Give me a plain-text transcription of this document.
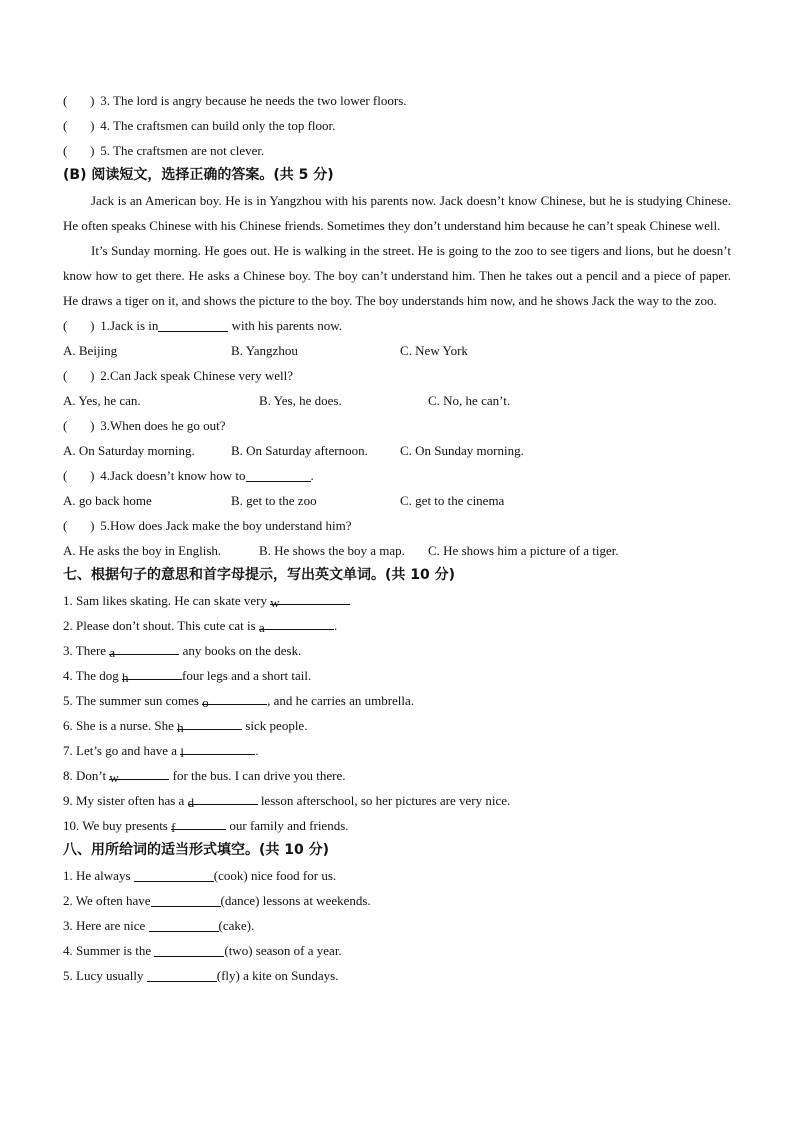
( ) 3. The lord is angry because he needs the two lower floors.
( ) 4. The craftsmen can build only the top floor.
( ) 5. The craftsmen are not clever.
(B) 阅读短文，选择正确的答案。(共 5 分)
Jack is an American boy. He is in Yangzhou with his parents now. Jack doesn’t know Chinese, but he is studying Chinese. He often speaks Chinese with his Chinese friends. Sometimes they don’t understand him because he can’t speak Chinese well.
It’s Sunday morning. He goes out. He is walking in the street. He is going to the zoo to see tigers and lions, but he doesn’t know how to get there. He asks a Chinese boy. The boy can’t understand him. Then he takes out a pencil and a piece of paper. He draws a tiger on it, and shows the picture to the boy. The boy understands him now, and he shows Jack the way to the zoo.
(       ) 1.Jack is in	with his parents now.
A. Beijing	B. Yangzhou	C. New York
(       ) 2.Can Jack speak Chinese very well?
A. Yes, he can.	B. Yes, he does.	C. No, he can’t.
(       ) 3.When does he go out?
A. On Saturday morning.	B. On Saturday afternoon. C. On Sunday morning.
(       ) 4.Jack doesn’t know how to	.
A. go back home	B. get to the zoo	C. get to the cinema
(       ) 5.How does Jack make the boy understand him?
A. He asks the boy in English.	B. He shows the boy a map. C. He shows him a picture of a tiger.
七、根据句子的意思和首字母提示，写出英文单词。(共 10 分)
1. Sam likes skating. He can skate very w
2. Please don’t shout. This cute cat is a	.
3. There a	any books on the desk.
4. The dog h	four legs and a short tail.
5. The summer sun comes o	, and he carries an umbrella.
6. She is a nurse. She h	sick people.
7. Let’s go and have a l	.
8. Don’t w	for the bus. I can drive you there.
9. My sister often has a d	lesson afterschool, so her pictures are very nice.
10. We buy presents f	our family and friends.
八、用所给词的适当形式填空。(共 10 分)
1. He always	(cook) nice food for us.
2. We often have	(dance) lessons at weekends.
3. Here are nice	(cake).
4. Summer is the	(two) season of a year.
5. Lucy usually	(fly) a kite on Sundays.
